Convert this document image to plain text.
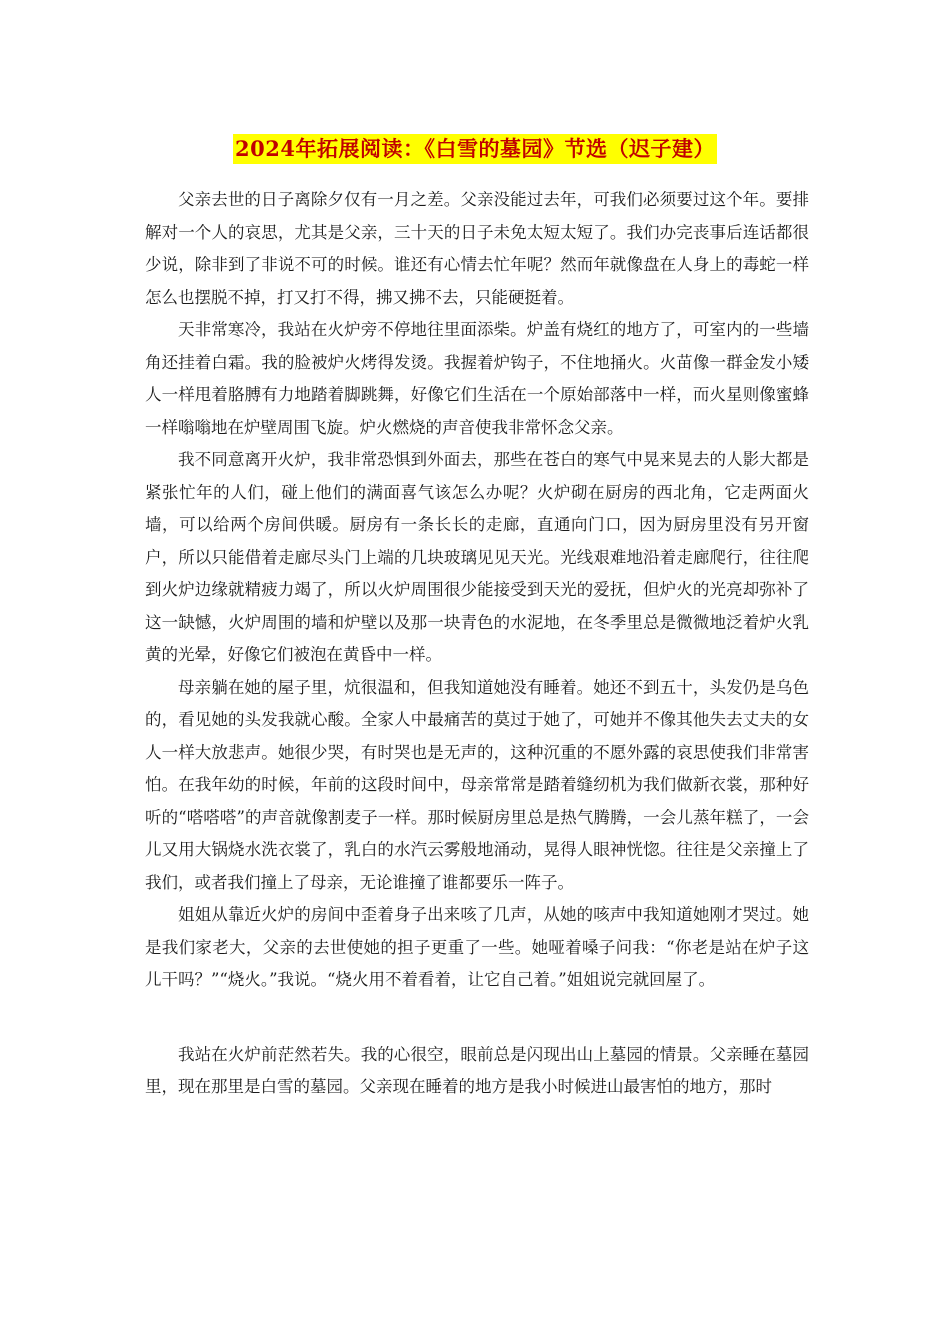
2024年拓展阅读：《白雪的墓园》节选（迟子建）

父亲去世的日子离除夕仅有一月之差。父亲没能过去年，可我们必须要过这个年。要排解对一个人的哀思，尤其是父亲，三十天的日子未免太短太短了。我们办完丧事后连话都很少说，除非到了非说不可的时候。谁还有心情去忙年呢？然而年就像盘在人身上的毒蛇一样怎么也摆脱不掉，打又打不得，拂又拂不去，只能硬挺着。

天非常寒冷，我站在火炉旁不停地往里面添柴。炉盖有烧红的地方了，可室内的一些墙角还挂着白霜。我的脸被炉火烤得发烫。我握着炉钩子，不住地捅火。火苗像一群金发小矮人一样甩着胳膊有力地踏着脚跳舞，好像它们生活在一个原始部落中一样，而火星则像蜜蜂一样嗡嗡地在炉壁周围飞旋。炉火燃烧的声音使我非常怀念父亲。

我不同意离开火炉，我非常恐惧到外面去，那些在苍白的寒气中晃来晃去的人影大都是紧张忙年的人们，碰上他们的满面喜气该怎么办呢？火炉砌在厨房的西北角，它走两面火墙，可以给两个房间供暖。厨房有一条长长的走廊，直通向门口，因为厨房里没有另开窗户，所以只能借着走廊尽头门上端的几块玻璃见见天光。光线艰难地沿着走廊爬行，往往爬到火炉边缘就精疲力竭了，所以火炉周围很少能接受到天光的爱抚，但炉火的光亮却弥补了这一缺憾，火炉周围的墙和炉壁以及那一块青色的水泥地，在冬季里总是微微地泛着炉火乳黄的光晕，好像它们被泡在黄昏中一样。

母亲躺在她的屋子里，炕很温和，但我知道她没有睡着。她还不到五十，头发仍是乌色的，看见她的头发我就心酸。全家人中最痛苦的莫过于她了，可她并不像其他失去丈夫的女人一样大放悲声。她很少哭，有时哭也是无声的，这种沉重的不愿外露的哀思使我们非常害怕。在我年幼的时候，年前的这段时间中，母亲常常是踏着缝纫机为我们做新衣裳，那种好听的“嗒嗒嗒”的声音就像割麦子一样。那时候厨房里总是热气腾腾，一会儿蒸年糕了，一会儿又用大锅烧水洗衣裳了，乳白的水汽云雾般地涌动，晃得人眼神恍惚。往往是父亲撞上了我们，或者我们撞上了母亲，无论谁撞了谁都要乐一阵子。

姐姐从靠近火炉的房间中歪着身子出来咳了几声，从她的咳声中我知道她刚才哭过。她是我们家老大，父亲的去世使她的担子更重了一些。她哑着嗓子问我：“你老是站在炉子这儿干吗？”“烧火。”我说。“烧火用不着看着，让它自己着。”姐姐说完就回屋了。

我站在火炉前茫然若失。我的心很空，眼前总是闪现出山上墓园的情景。父亲睡在墓园里，现在那里是白雪的墓园。父亲现在睡着的地方是我小时候进山最害怕的地方，那时
